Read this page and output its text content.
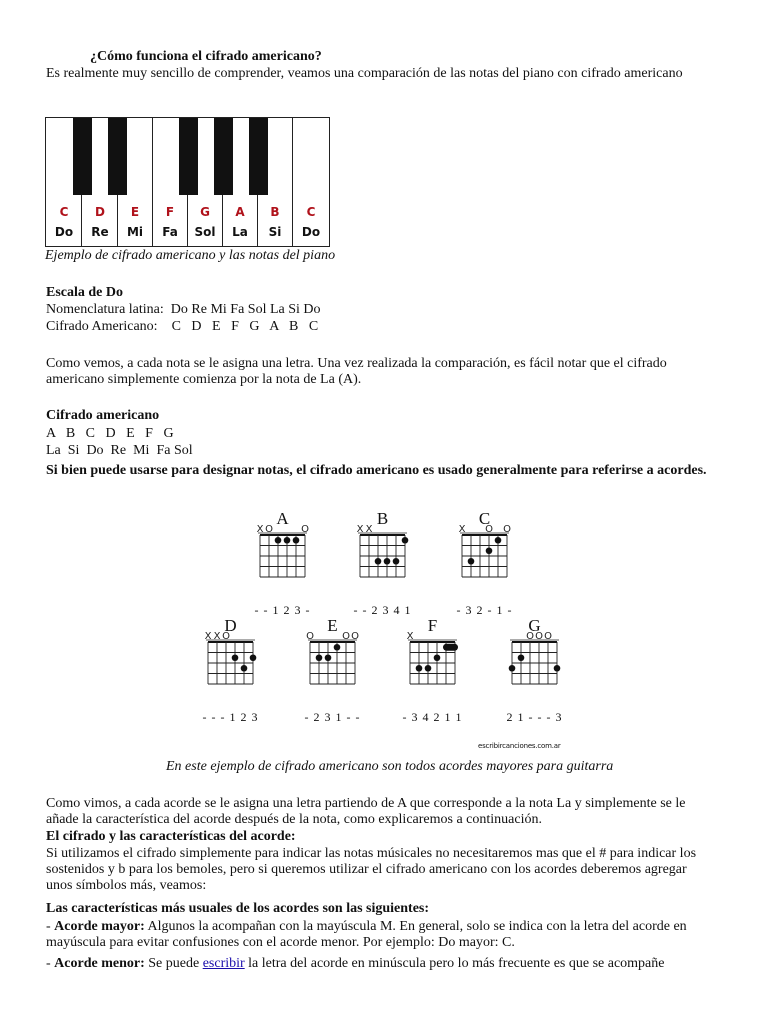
¿Cómo funciona el cifrado americano?
Es realmente muy sencillo de comprender, veamos una comparación de las notas del piano con cifrado americano
C	D	E	F	G	A	B	C
Do	Re	Mi	Fa	Sol	La	Si	Do
Ejemplo de cifrado americano y las notas del piano
Escala de Do
Nomenclatura latina:  Do Re Mi Fa Sol La Si Do
Cifrado Americano:    C   D   E   F   G   A   B   C
Como vemos, a cada nota se le asigna una letra. Una vez realizada la comparación, es fácil notar que el cifrado americano simplemente comienza por la nota de La (A).
Cifrado americano
A   B   C   D   E   F   G
La  Si  Do  Re  Mi  Fa Sol
Si bien puede usarse para designar notas, el cifrado americano es usado generalmente para referirse a acordes.
A
X O	O
- - 1 2 3 -
B
X X
- - 2 3 4 1
C
X O O
- 3 2 - 1 -
D
X X O
- - - 1 2 3
E
O	O O
- 2 3 1 - -
F
X
- 3 4 2 1 1
G
O O O
2 1 - - - 3
escribircanciones.com.ar
En este ejemplo de cifrado americano son todos acordes mayores para guitarra
Como vimos, a cada acorde se le asigna una letra partiendo de A que corresponde a la nota La y simplemente se le añade la característica del acorde después de la nota, como explicaremos a continuación.
El cifrado y las características del acorde:
Si utilizamos el cifrado simplemente para indicar las notas músicales no necesitaremos mas que el # para indicar los sostenidos y b para los bemoles, pero si queremos utilizar el cifrado americano con los acordes deberemos agregar unos símbolos más, veamos:
Las características más usuales de los acordes son las siguientes:
- Acorde mayor: Algunos la acompañan con la mayúscula M. En general, solo se indica con la letra del acorde en mayúscula para evitar confusiones con el acorde menor. Por ejemplo: Do mayor: C.
- Acorde menor: Se puede escribir la letra del acorde en minúscula pero lo más frecuente es que se acompañe
